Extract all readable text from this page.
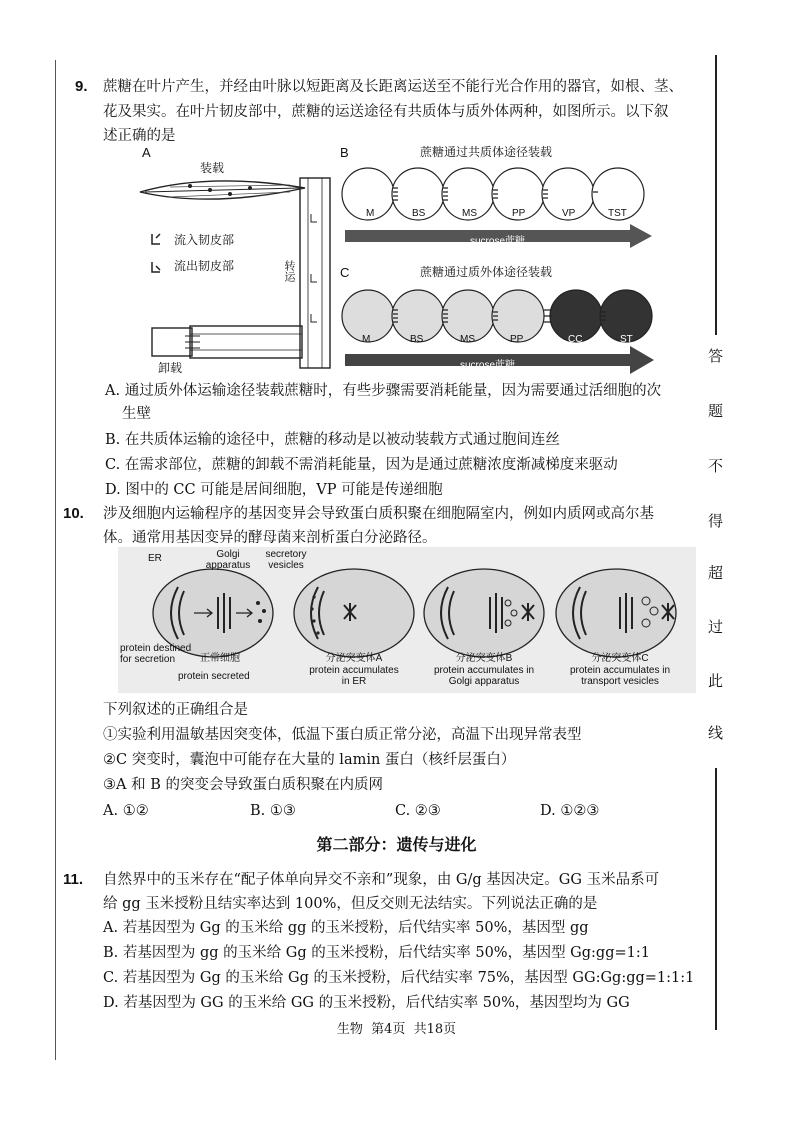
答
题
不
得
超
过
此
线
9. 蔗糖在叶片产生，并经由叶脉以短距离及长距离运送至不能行光合作用的器官，如根、茎、
花及果实。在叶片韧皮部中，蔗糖的运送途径有共质体与质外体两种，如图所示。以下叙
述正确的是
A
装载
流入韧皮部
流出韧皮部	转运
卸载
B	蔗糖通过共质体途径装载
M	BS	MS	PP	VP	TST
sucrose蔗糖
C	蔗糖通过质外体途径装载
M	BS	MS	PP	CC	ST
sucrose蔗糖
A. 通过质外体运输途径装载蔗糖时，有些步骤需要消耗能量，因为需要通过活细胞的次
生壁
B. 在共质体运输的途径中，蔗糖的移动是以被动装载方式通过胞间连丝
C. 在需求部位，蔗糖的卸载不需消耗能量，因为是通过蔗糖浓度渐减梯度来驱动
D. 图中的 CC 可能是居间细胞，VP 可能是传递细胞
10. 涉及细胞内运输程序的基因变异会导致蛋白质积聚在细胞隔室内，例如内质网或高尔基
体。通常用基因变异的酵母菌来剖析蛋白分泌路径。
ER	Golgi apparatus
secretory vesicles
protein destined for secretion	正常细胞
protein secreted
分泌突变体A
protein accumulates in ER
分泌突变体B
protein accumulates in Golgi apparatus
分泌突变体C
protein accumulates in transport vesicles
下列叙述的正确组合是
①实验利用温敏基因突变体，低温下蛋白质正常分泌，高温下出现异常表型
②C 突变时，囊泡中可能存在大量的 lamin 蛋白（核纤层蛋白）
③A 和 B 的突变会导致蛋白质积聚在内质网
A. ①②	B. ①③	C. ②③	D. ①②③
第二部分：遗传与进化
11. 自然界中的玉米存在“配子体单向异交不亲和”现象，由 G/g 基因决定。GG 玉米品系可
给 gg 玉米授粉且结实率达到 100%，但反交则无法结实。下列说法正确的是
A. 若基因型为 Gg 的玉米给 gg 的玉米授粉，后代结实率 50%，基因型 gg
B. 若基因型为 gg 的玉米给 Gg 的玉米授粉，后代结实率 50%，基因型 Gg:gg=1:1
C. 若基因型为 Gg 的玉米给 Gg 的玉米授粉，后代结实率 75%，基因型 GG:Gg:gg=1:1:1
D. 若基因型为 GG 的玉米给 GG 的玉米授粉，后代结实率 50%，基因型均为 GG
生物  第4页  共18页
